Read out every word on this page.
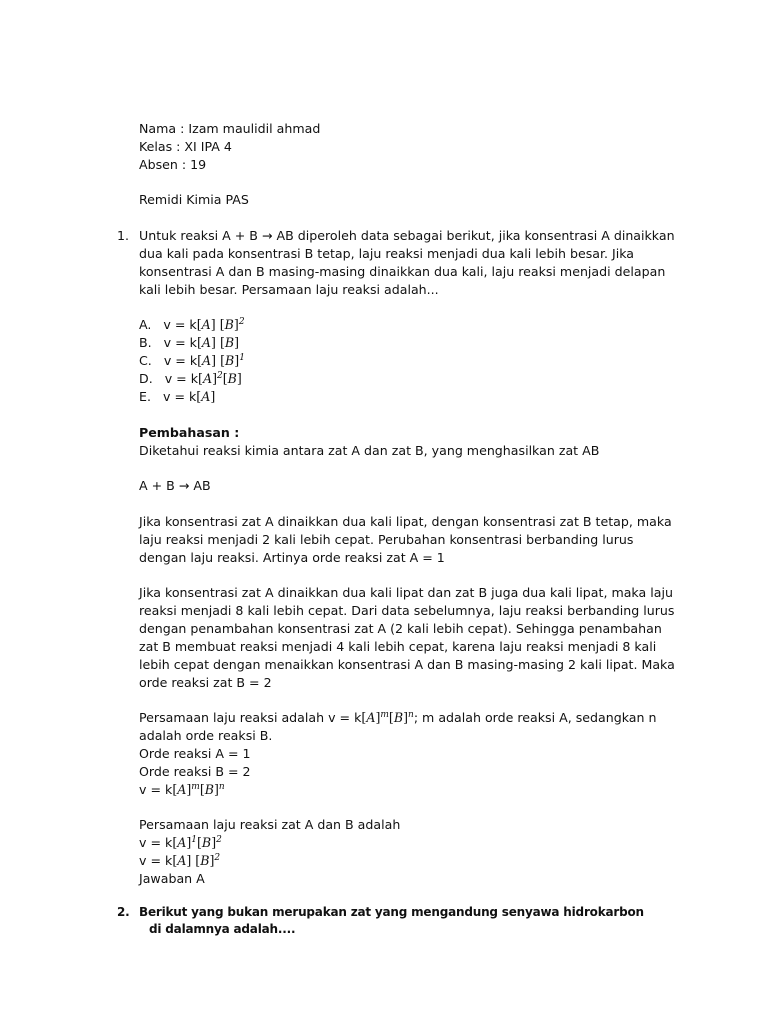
Nama : Izam maulidil ahmad
Kelas : XI IPA 4
Absen : 19
Remidi Kimia PAS
1. Untuk reaksi A + B → AB diperoleh data sebagai berikut, jika konsentrasi A dinaikkan
dua kali pada konsentrasi B tetap, laju reaksi menjadi dua kali lebih besar. Jika
konsentrasi A dan B masing-masing dinaikkan dua kali, laju reaksi menjadi delapan
kali lebih besar. Persamaan laju reaksi adalah...
A. v = k[A] $[B]^2$
B. v = k[A] [B]
C. v = k[A] $[B]^1$
D. $v = k[A]^2[B]$
E. v = k[A]
Pembahasan :
Diketahui reaksi kimia antara zat A dan zat B, yang menghasilkan zat AB
A + B → AB
Jika konsentrasi zat A dinaikkan dua kali lipat, dengan konsentrasi zat B tetap, maka
laju reaksi menjadi 2 kali lebih cepat. Perubahan konsentrasi berbanding lurus
dengan laju reaksi. Artinya orde reaksi zat A = 1
Jika konsentrasi zat A dinaikkan dua kali lipat dan zat B juga dua kali lipat, maka laju
reaksi menjadi 8 kali lebih cepat. Dari data sebelumnya, laju reaksi berbanding lurus
dengan penambahan konsentrasi zat A (2 kali lebih cepat). Sehingga penambahan
zat B membuat reaksi menjadi 4 kali lebih cepat, karena laju reaksi menjadi 8 kali
lebih cepat dengan menaikkan konsentrasi A dan B masing-masing 2 kali lipat. Maka
orde reaksi zat B = 2
Persamaan laju reaksi adalah $v = k[A]^m[B]^n$; m adalah orde reaksi A, sedangkan n
adalah orde reaksi B.
Orde reaksi A = 1
Orde reaksi B = 2
$v = k[A]^m[B]^n$
Persamaan laju reaksi zat A dan B adalah
$v = k[A]^1[B]^2$
v = k[A] $[B]^2$
Jawaban A
2. Berikut yang bukan merupakan zat yang mengandung senyawa hidrokarbon
di dalamnya adalah....
